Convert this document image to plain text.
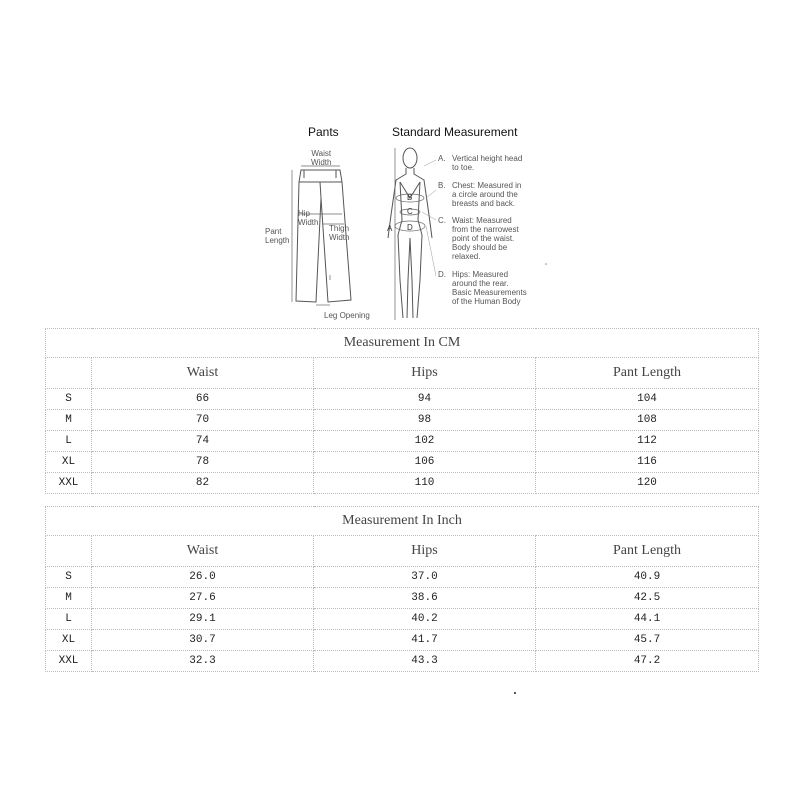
Pants	Standard Measurement
Waist
Width
Hip
Width
Thigh
Width
Pant
Length
Leg Opening
A
B
C
D
A. Vertical height head
to toe.
B. Chest: Measured in
a circle around the
breasts and back.
C. Waist: Measured
from the narrowest
point of the waist.
Body should be
relaxed.
D. Hips: Measured
around the rear.
Basic Measurements
of the Human Body
Measurement In CM			
	Waist	Hips	Pant Length
S	66	94	104
M	70	98	108
L	74	102	112
XL	78	106	116
XXL	82	110	120
Measurement In Inch			
	Waist	Hips	Pant Length
S	26.0	37.0	40.9
M	27.6	38.6	42.5
L	29.1	40.2	44.1
XL	30.7	41.7	45.7
XXL	32.3	43.3	47.2
